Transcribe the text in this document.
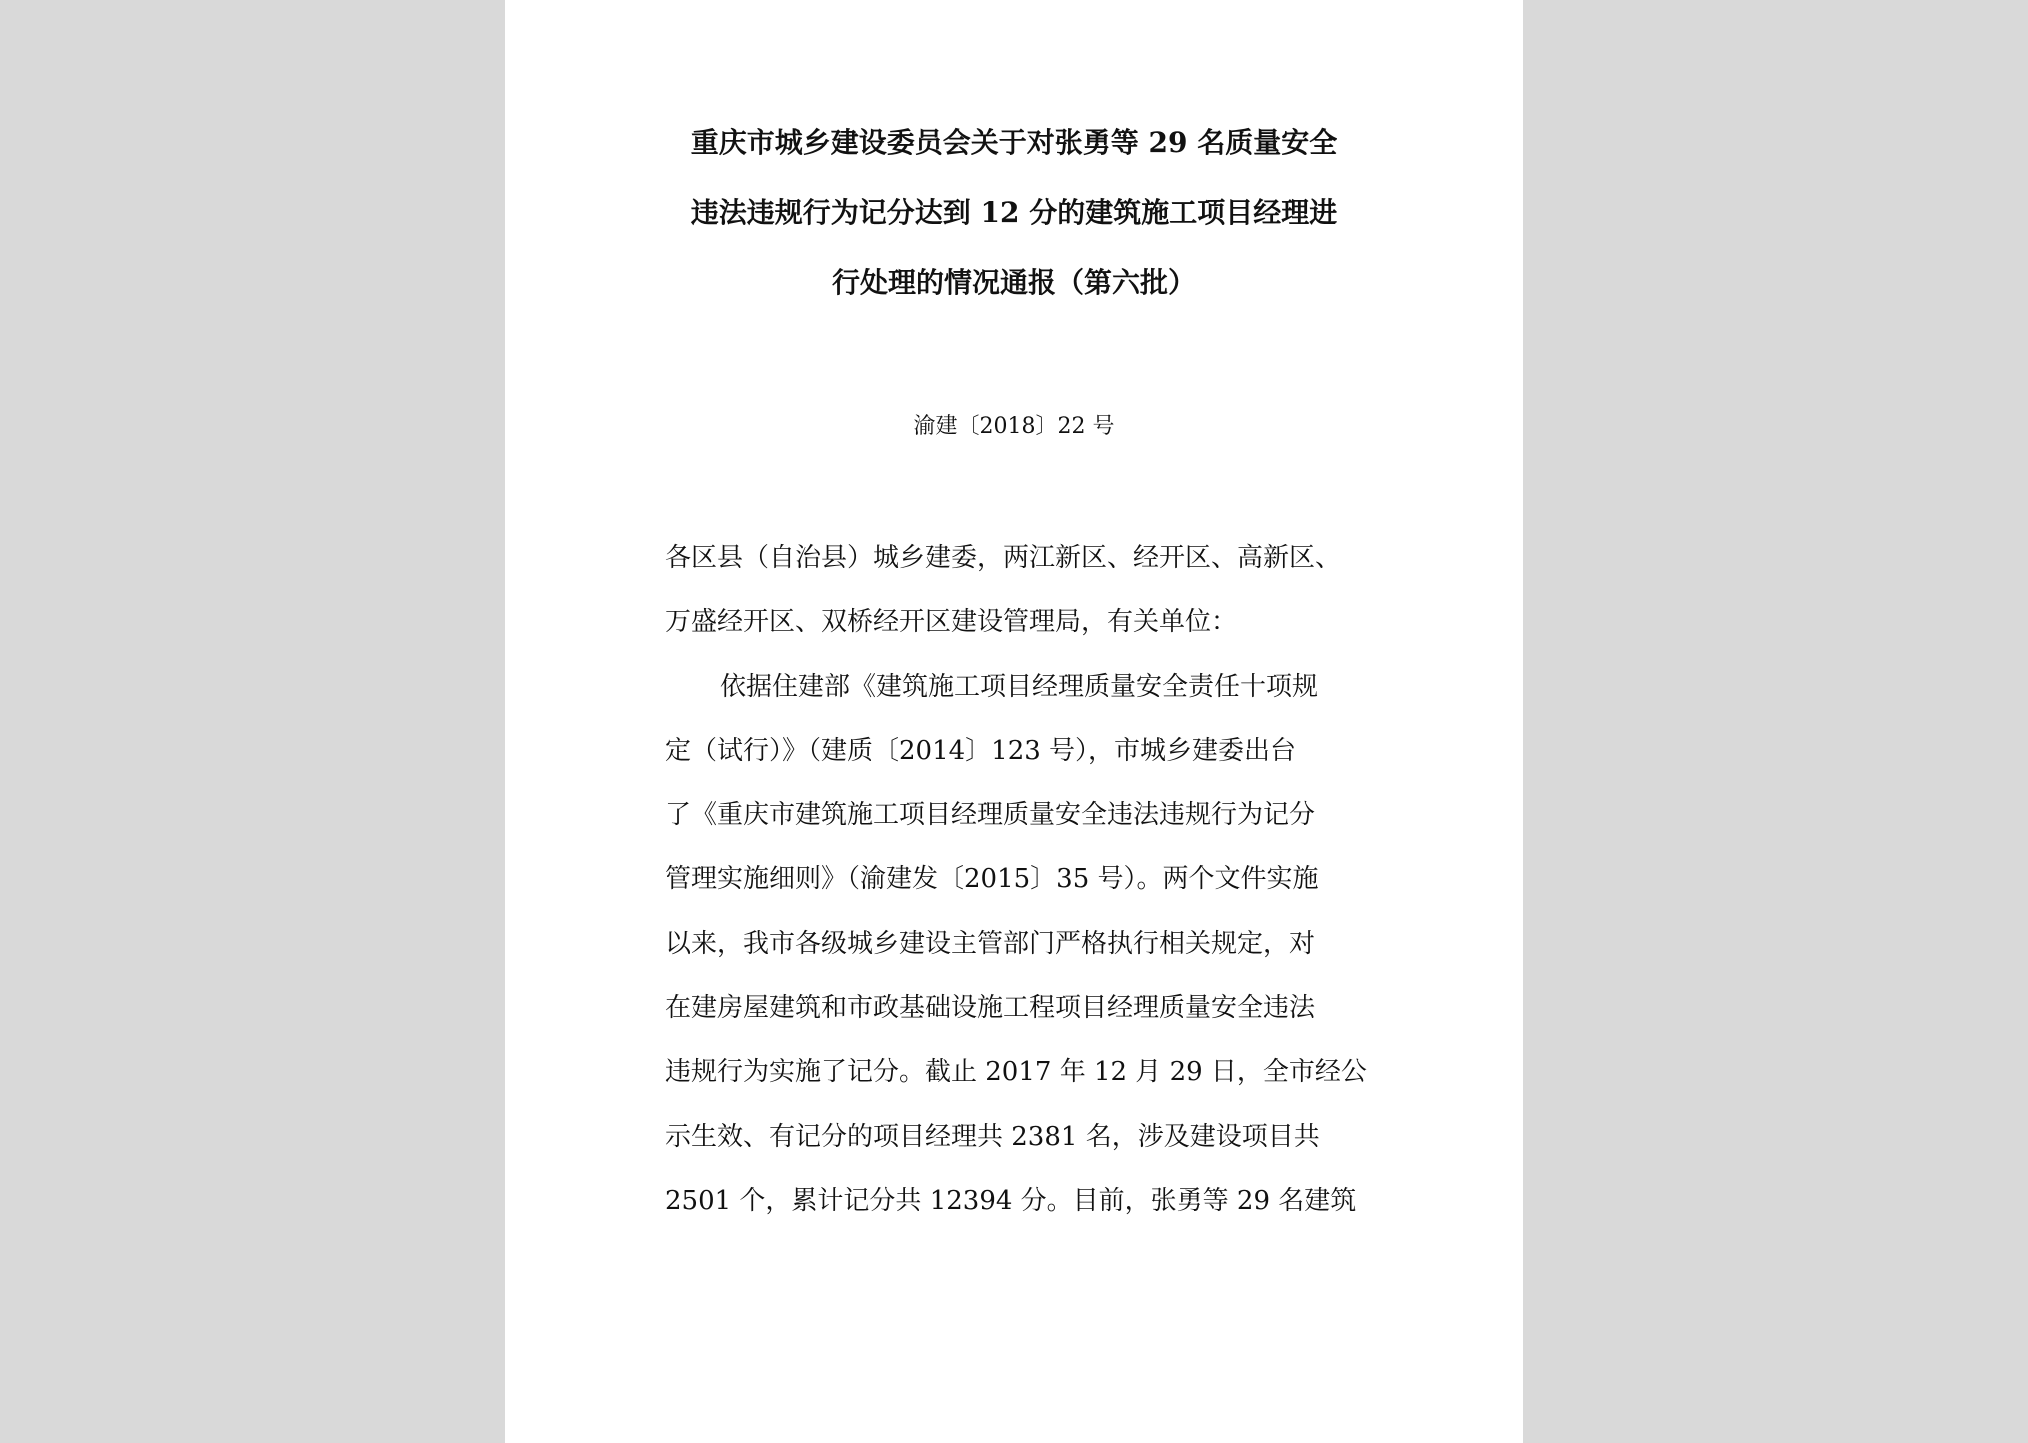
重庆市城乡建设委员会关于对张勇等 29 名质量安全
违法违规行为记分达到 12 分的建筑施工项目经理进
行处理的情况通报（第六批）
渝建〔2018〕22 号
各区县（自治县）城乡建委，两江新区、经开区、高新区、
万盛经开区、双桥经开区建设管理局，有关单位：
依据住建部《建筑施工项目经理质量安全责任十项规
定（试行）》（建质〔2014〕123 号），市城乡建委出台
了《重庆市建筑施工项目经理质量安全违法违规行为记分
管理实施细则》（渝建发〔2015〕35 号）。两个文件实施
以来，我市各级城乡建设主管部门严格执行相关规定，对
在建房屋建筑和市政基础设施工程项目经理质量安全违法
违规行为实施了记分。截止 2017 年 12 月 29 日，全市经公
示生效、有记分的项目经理共 2381 名，涉及建设项目共
2501 个，累计记分共 12394 分。目前，张勇等 29 名建筑
